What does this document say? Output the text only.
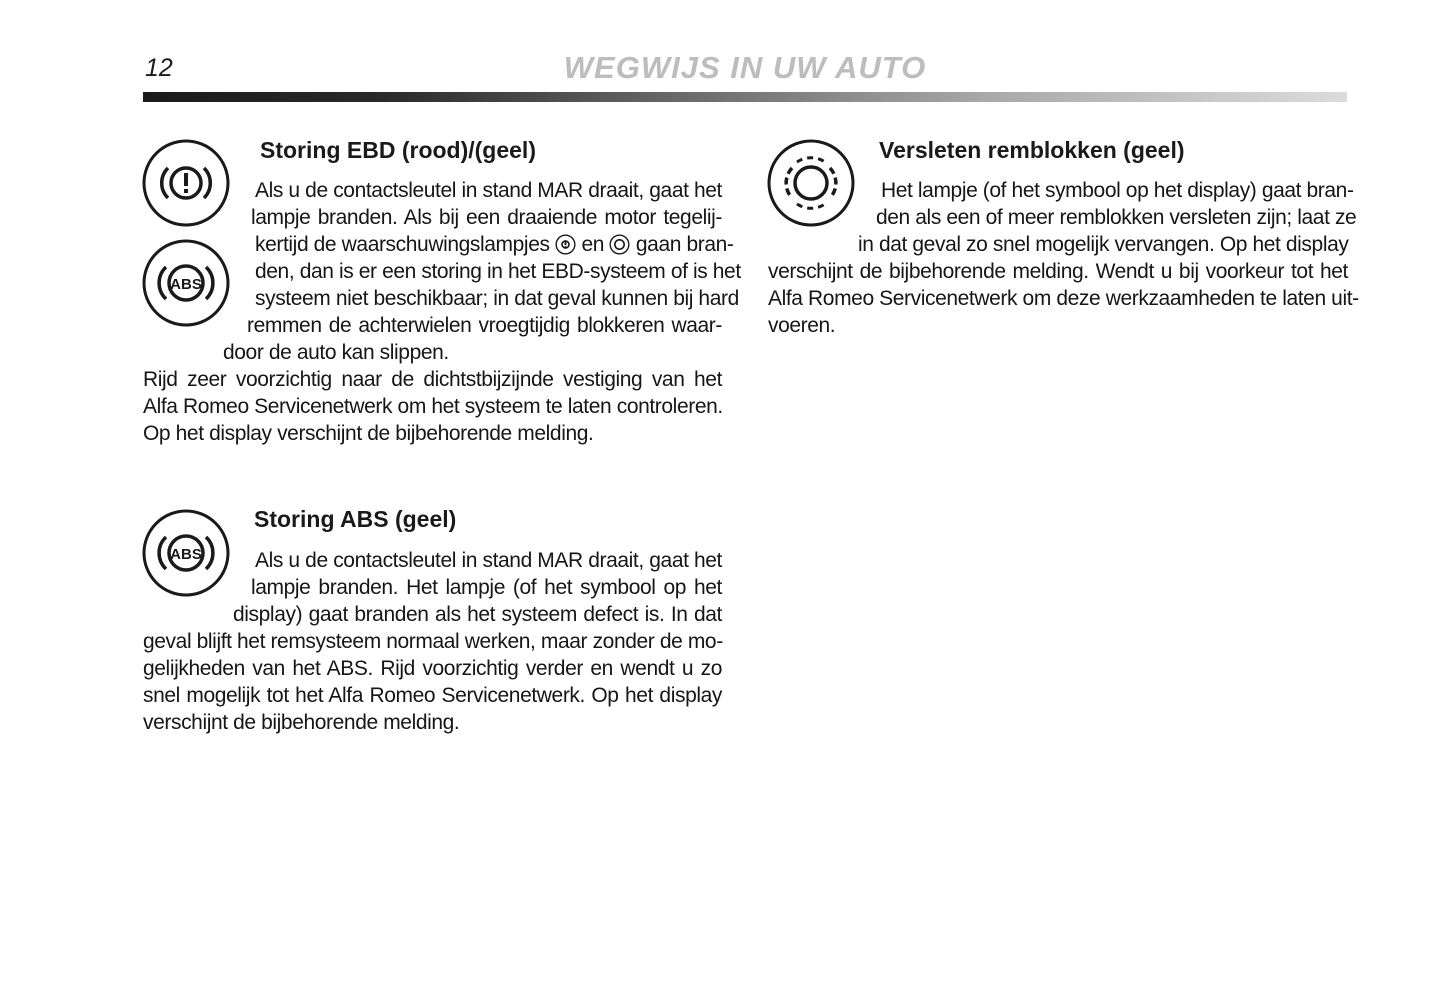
12	WEGWIJS IN UW AUTO
ABS
Storing EBD (rood)/(geel)

Als u de contactsleutel in stand MAR draait, gaat het

lampje branden. Als bij een draaiende motor tegelij-

kertijd de waarschuwingslampjes en gaan bran-

den, dan is er een storing in het EBD-systeem of is het

systeem niet beschikbaar; in dat geval kunnen bij hard

remmen de achterwielen vroegtijdig blokkeren waar-

door de auto kan slippen.

Rijd zeer voorzichtig naar de dichtstbijzijnde vestiging van het

Alfa Romeo Servicenetwerk om het systeem te laten controleren.

Op het display verschijnt de bijbehorende melding.

ABS
Storing ABS (geel)

Als u de contactsleutel in stand MAR draait, gaat het

lampje branden. Het lampje (of het symbool op het

display) gaat branden als het systeem defect is. In dat

geval blijft het remsysteem normaal werken, maar zonder de mo-

gelijkheden van het ABS. Rijd voorzichtig verder en wendt u zo

snel mogelijk tot het Alfa Romeo Servicenetwerk. Op het display

verschijnt de bijbehorende melding.

Versleten remblokken (geel)

Het lampje (of het symbool op het display) gaat bran-

den als een of meer remblokken versleten zijn; laat ze

in dat geval zo snel mogelijk vervangen. Op het display

verschijnt de bijbehorende melding. Wendt u bij voorkeur tot het

Alfa Romeo Servicenetwerk om deze werkzaamheden te laten uit-

voeren.
